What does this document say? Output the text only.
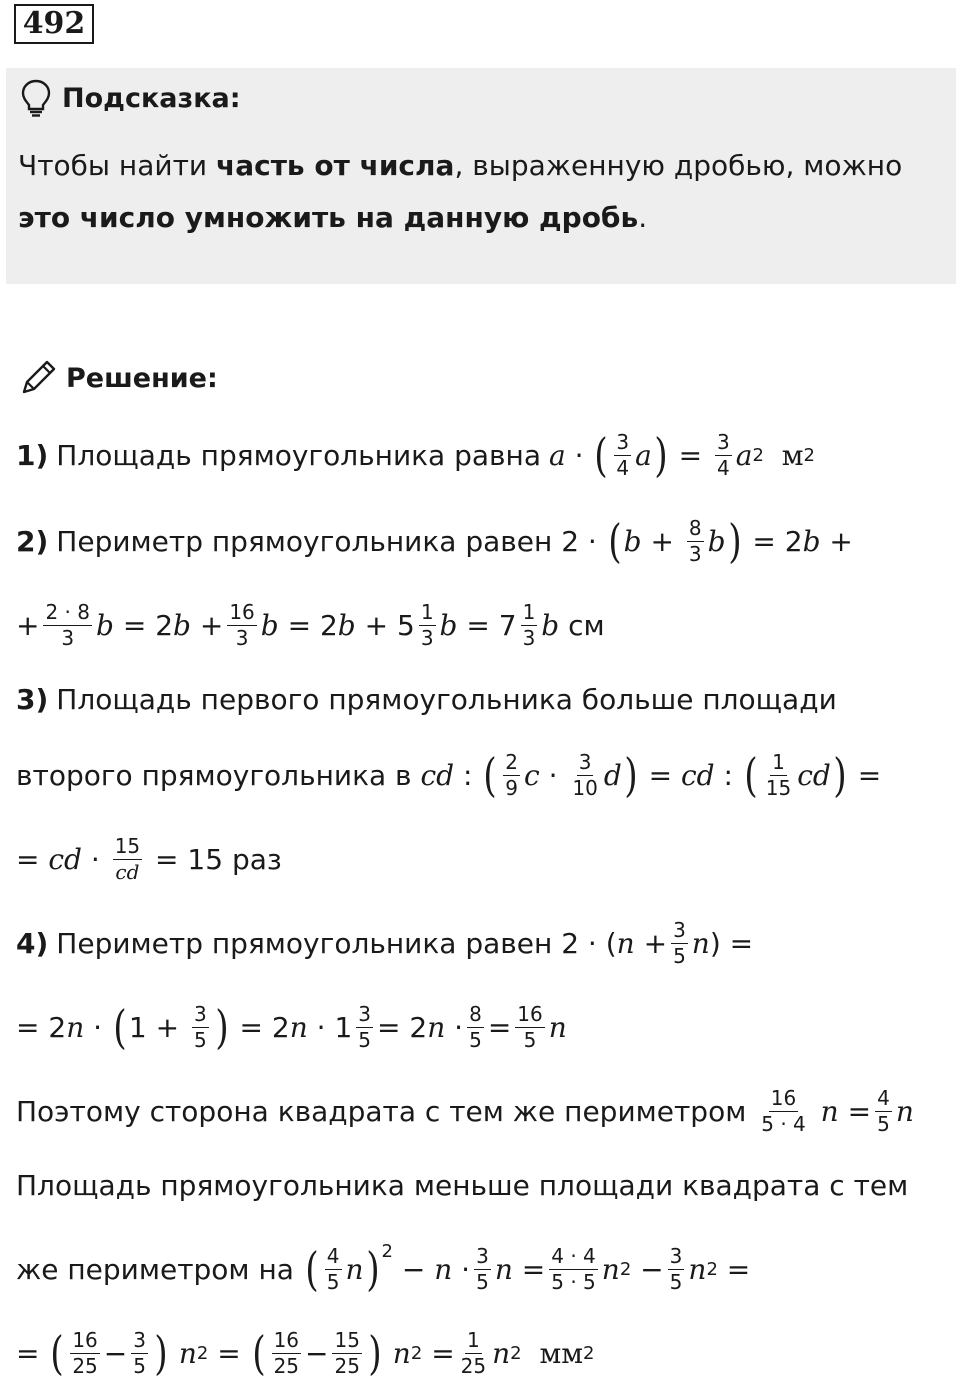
492
Подсказка:
Чтобы найти часть от числа, выраженную дробью, можно
это число умножить на данную дробь.
Решение:
1) Площадь прямоугольника равна a · ( $\frac{3}{4}$ a ) = $\frac{3}{4}$ a 2
м 2
2) Периметр прямоугольника равен 2 · ( $b + \frac{8}{3}$ b ) = 2 b +
+ $\frac{2 \cdot 8}{3}$ b = 2 $b + \frac{16}{3}$ b = 2 $b + 5 \frac{1}{3}$ $b = 7 \frac{1}{3}$ b
см
3) Площадь первого прямоугольника больше площади
второго прямоугольника в
cd : ( $\frac{2}{9}$ $c \cdot \frac{3}{10}$ d ) = cd : ( $\frac{1}{15}$ cd ) =
= cd · $\frac{15}{cd}$
= 15 раз
4) Периметр прямоугольника равен 2 · ( $n + \frac{3}{5}$ n ) =
= 2 n · ( $1 + \frac{3}{5}$ ) = 2 $n \cdot 1 \frac{3}{5} = 2$ $n \cdot \frac{8}{5} = \frac{16}{5}$ n
Поэтому сторона квадрата с тем же периметром
$\frac{16}{5 \cdot 4}$
$n = \frac{4}{5}$ n
Площадь прямоугольника меньше площади квадрата с тем
же периметром на
( $\frac{4}{5}$ n )$^2$
− $n \cdot \frac{3}{5}$ $n = \frac{4 \cdot 4}{5 \cdot 5}$ n $2 - \frac{3}{5}$ n 2 =
= ( $\frac{16}{25} - \frac{3}{5}$ )
n 2 = ( $\frac{16}{25} - \frac{15}{25}$ )
n $2 = \frac{1}{25}$ n 2
мм 2
